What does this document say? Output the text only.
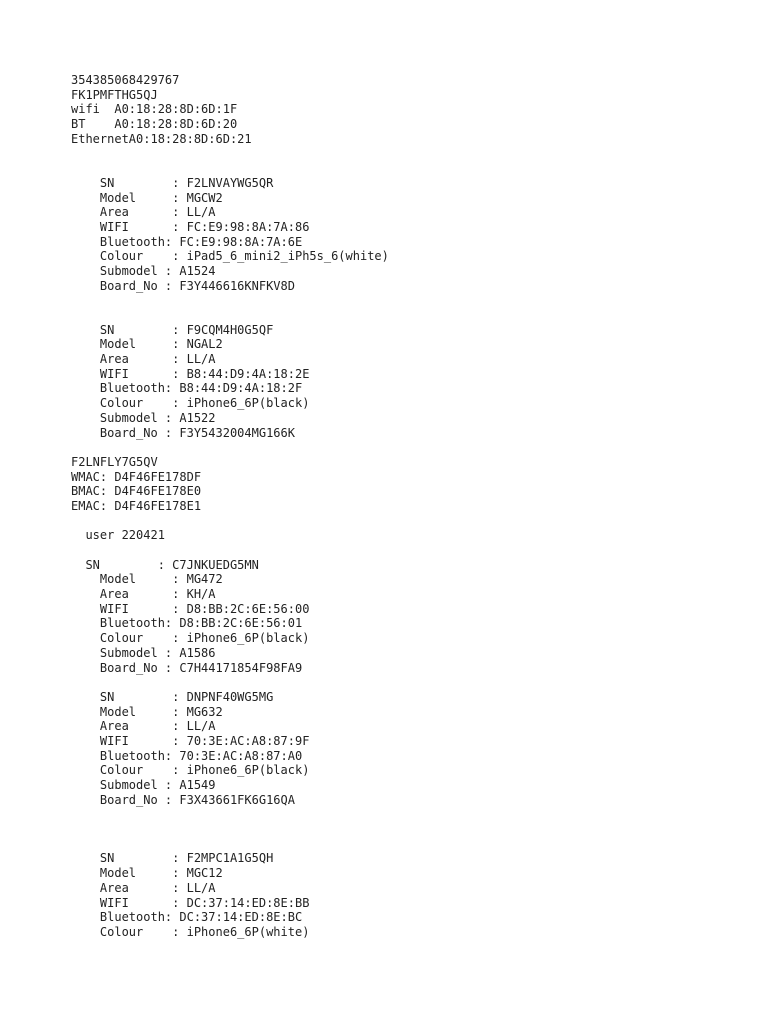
354385068429767
FK1PMFTHG5QJ
wifi  A0:18:28:8D:6D:1F
BT    A0:18:28:8D:6D:20
EthernetA0:18:28:8D:6D:21
SN        : F2LNVAYWG5QR
Model     : MGCW2
Area      : LL/A
WIFI      : FC:E9:98:8A:7A:86
Bluetooth: FC:E9:98:8A:7A:6E
Colour    : iPad5_6_mini2_iPh5s_6(white)
Submodel : A1524
Board_No : F3Y446616KNFKV8D
SN        : F9CQM4H0G5QF
Model     : NGAL2
Area      : LL/A
WIFI      : B8:44:D9:4A:18:2E
Bluetooth: B8:44:D9:4A:18:2F
Colour    : iPhone6_6P(black)
Submodel : A1522
Board_No : F3Y5432004MG166K
F2LNFLY7G5QV
WMAC: D4F46FE178DF
BMAC: D4F46FE178E0
EMAC: D4F46FE178E1
user 220421
SN        : C7JNKUEDG5MN
Model     : MG472
Area      : KH/A
WIFI      : D8:BB:2C:6E:56:00
Bluetooth: D8:BB:2C:6E:56:01
Colour    : iPhone6_6P(black)
Submodel : A1586
Board_No : C7H44171854F98FA9
SN        : DNPNF40WG5MG
Model     : MG632
Area      : LL/A
WIFI      : 70:3E:AC:A8:87:9F
Bluetooth: 70:3E:AC:A8:87:A0
Colour    : iPhone6_6P(black)
Submodel : A1549
Board_No : F3X43661FK6G16QA
SN        : F2MPC1A1G5QH
Model     : MGC12
Area      : LL/A
WIFI      : DC:37:14:ED:8E:BB
Bluetooth: DC:37:14:ED:8E:BC
Colour    : iPhone6_6P(white)
